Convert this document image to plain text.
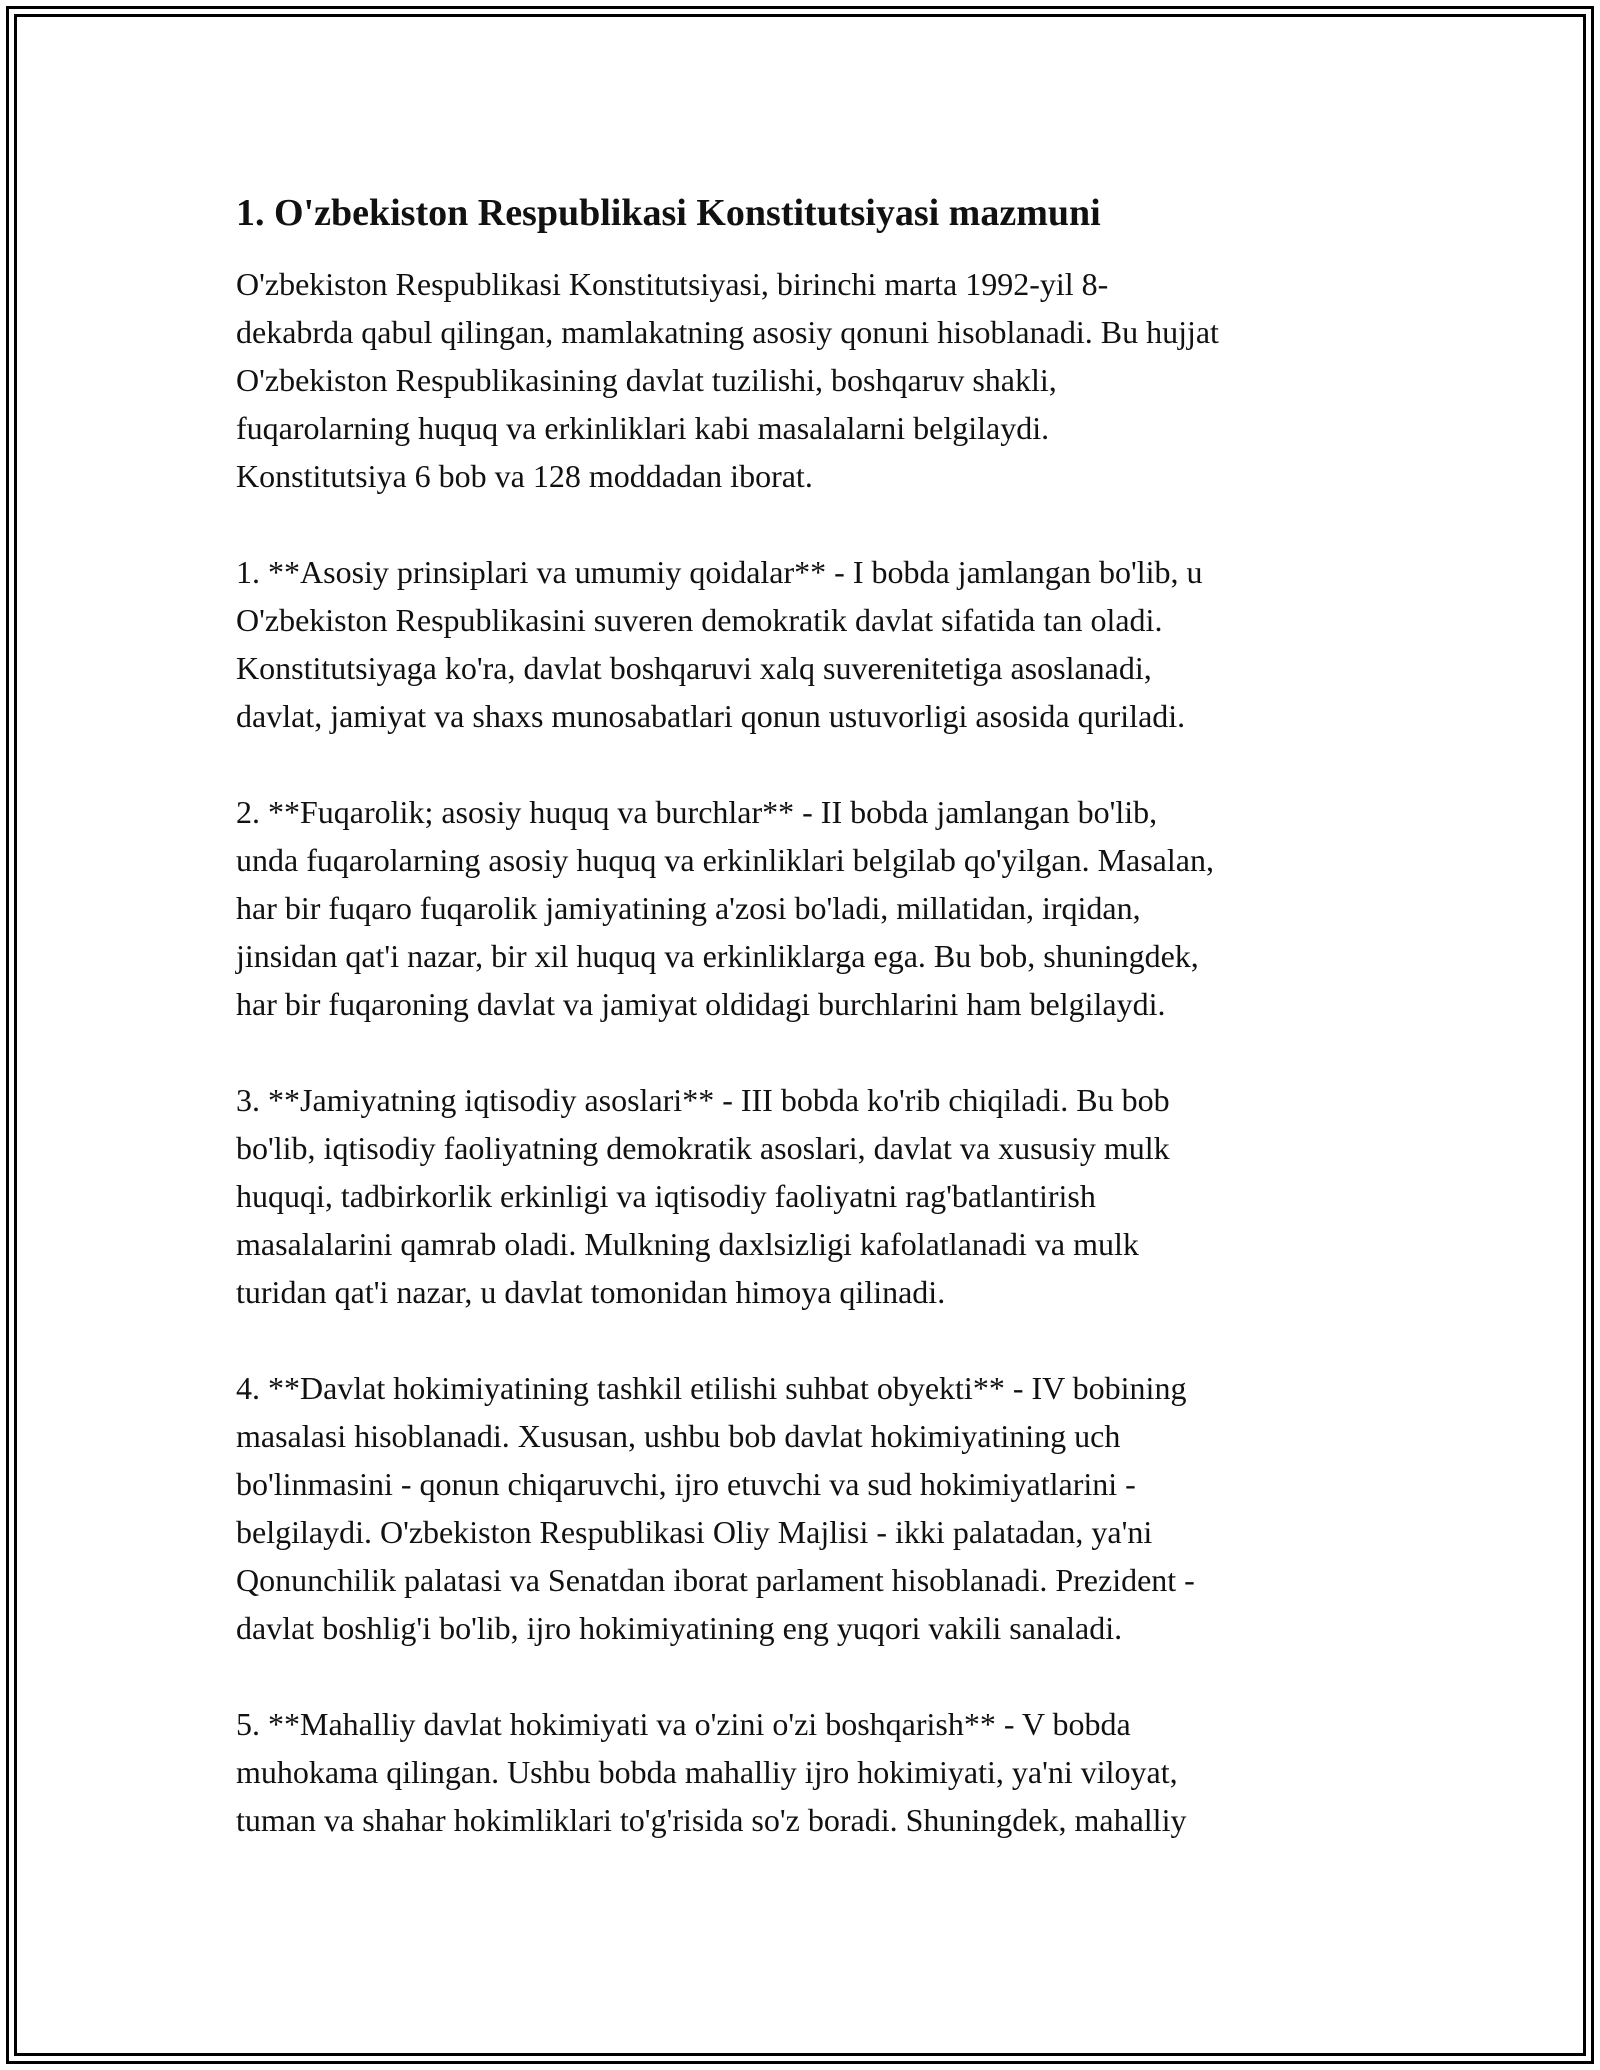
1. O'zbekiston Respublikasi Konstitutsiyasi mazmuni

O'zbekiston Respublikasi Konstitutsiyasi, birinchi marta 1992-yil 8-
dekabrda qabul qilingan, mamlakatning asosiy qonuni hisoblanadi. Bu hujjat
O'zbekiston Respublikasining davlat tuzilishi, boshqaruv shakli,
fuqarolarning huquq va erkinliklari kabi masalalarni belgilaydi.
Konstitutsiya 6 bob va 128 moddadan iborat.

1. **Asosiy prinsiplari va umumiy qoidalar** - I bobda jamlangan bo'lib, u
O'zbekiston Respublikasini suveren demokratik davlat sifatida tan oladi.
Konstitutsiyaga ko'ra, davlat boshqaruvi xalq suverenitetiga asoslanadi,
davlat, jamiyat va shaxs munosabatlari qonun ustuvorligi asosida quriladi.

2. **Fuqarolik; asosiy huquq va burchlar** - II bobda jamlangan bo'lib,
unda fuqarolarning asosiy huquq va erkinliklari belgilab qo'yilgan. Masalan,
har bir fuqaro fuqarolik jamiyatining a'zosi bo'ladi, millatidan, irqidan,
jinsidan qat'i nazar, bir xil huquq va erkinliklarga ega. Bu bob, shuningdek,
har bir fuqaroning davlat va jamiyat oldidagi burchlarini ham belgilaydi.

3. **Jamiyatning iqtisodiy asoslari** - III bobda ko'rib chiqiladi. Bu bob
bo'lib, iqtisodiy faoliyatning demokratik asoslari, davlat va xususiy mulk
huquqi, tadbirkorlik erkinligi va iqtisodiy faoliyatni rag'batlantirish
masalalarini qamrab oladi. Mulkning daxlsizligi kafolatlanadi va mulk
turidan qat'i nazar, u davlat tomonidan himoya qilinadi.

4. **Davlat hokimiyatining tashkil etilishi suhbat obyekti** - IV bobining
masalasi hisoblanadi. Xususan, ushbu bob davlat hokimiyatining uch
bo'linmasini - qonun chiqaruvchi, ijro etuvchi va sud hokimiyatlarini -
belgilaydi. O'zbekiston Respublikasi Oliy Majlisi - ikki palatadan, ya'ni
Qonunchilik palatasi va Senatdan iborat parlament hisoblanadi. Prezident -
davlat boshlig'i bo'lib, ijro hokimiyatining eng yuqori vakili sanaladi.

5. **Mahalliy davlat hokimiyati va o'zini o'zi boshqarish** - V bobda
muhokama qilingan. Ushbu bobda mahalliy ijro hokimiyati, ya'ni viloyat,
tuman va shahar hokimliklari to'g'risida so'z boradi. Shuningdek, mahalliy
